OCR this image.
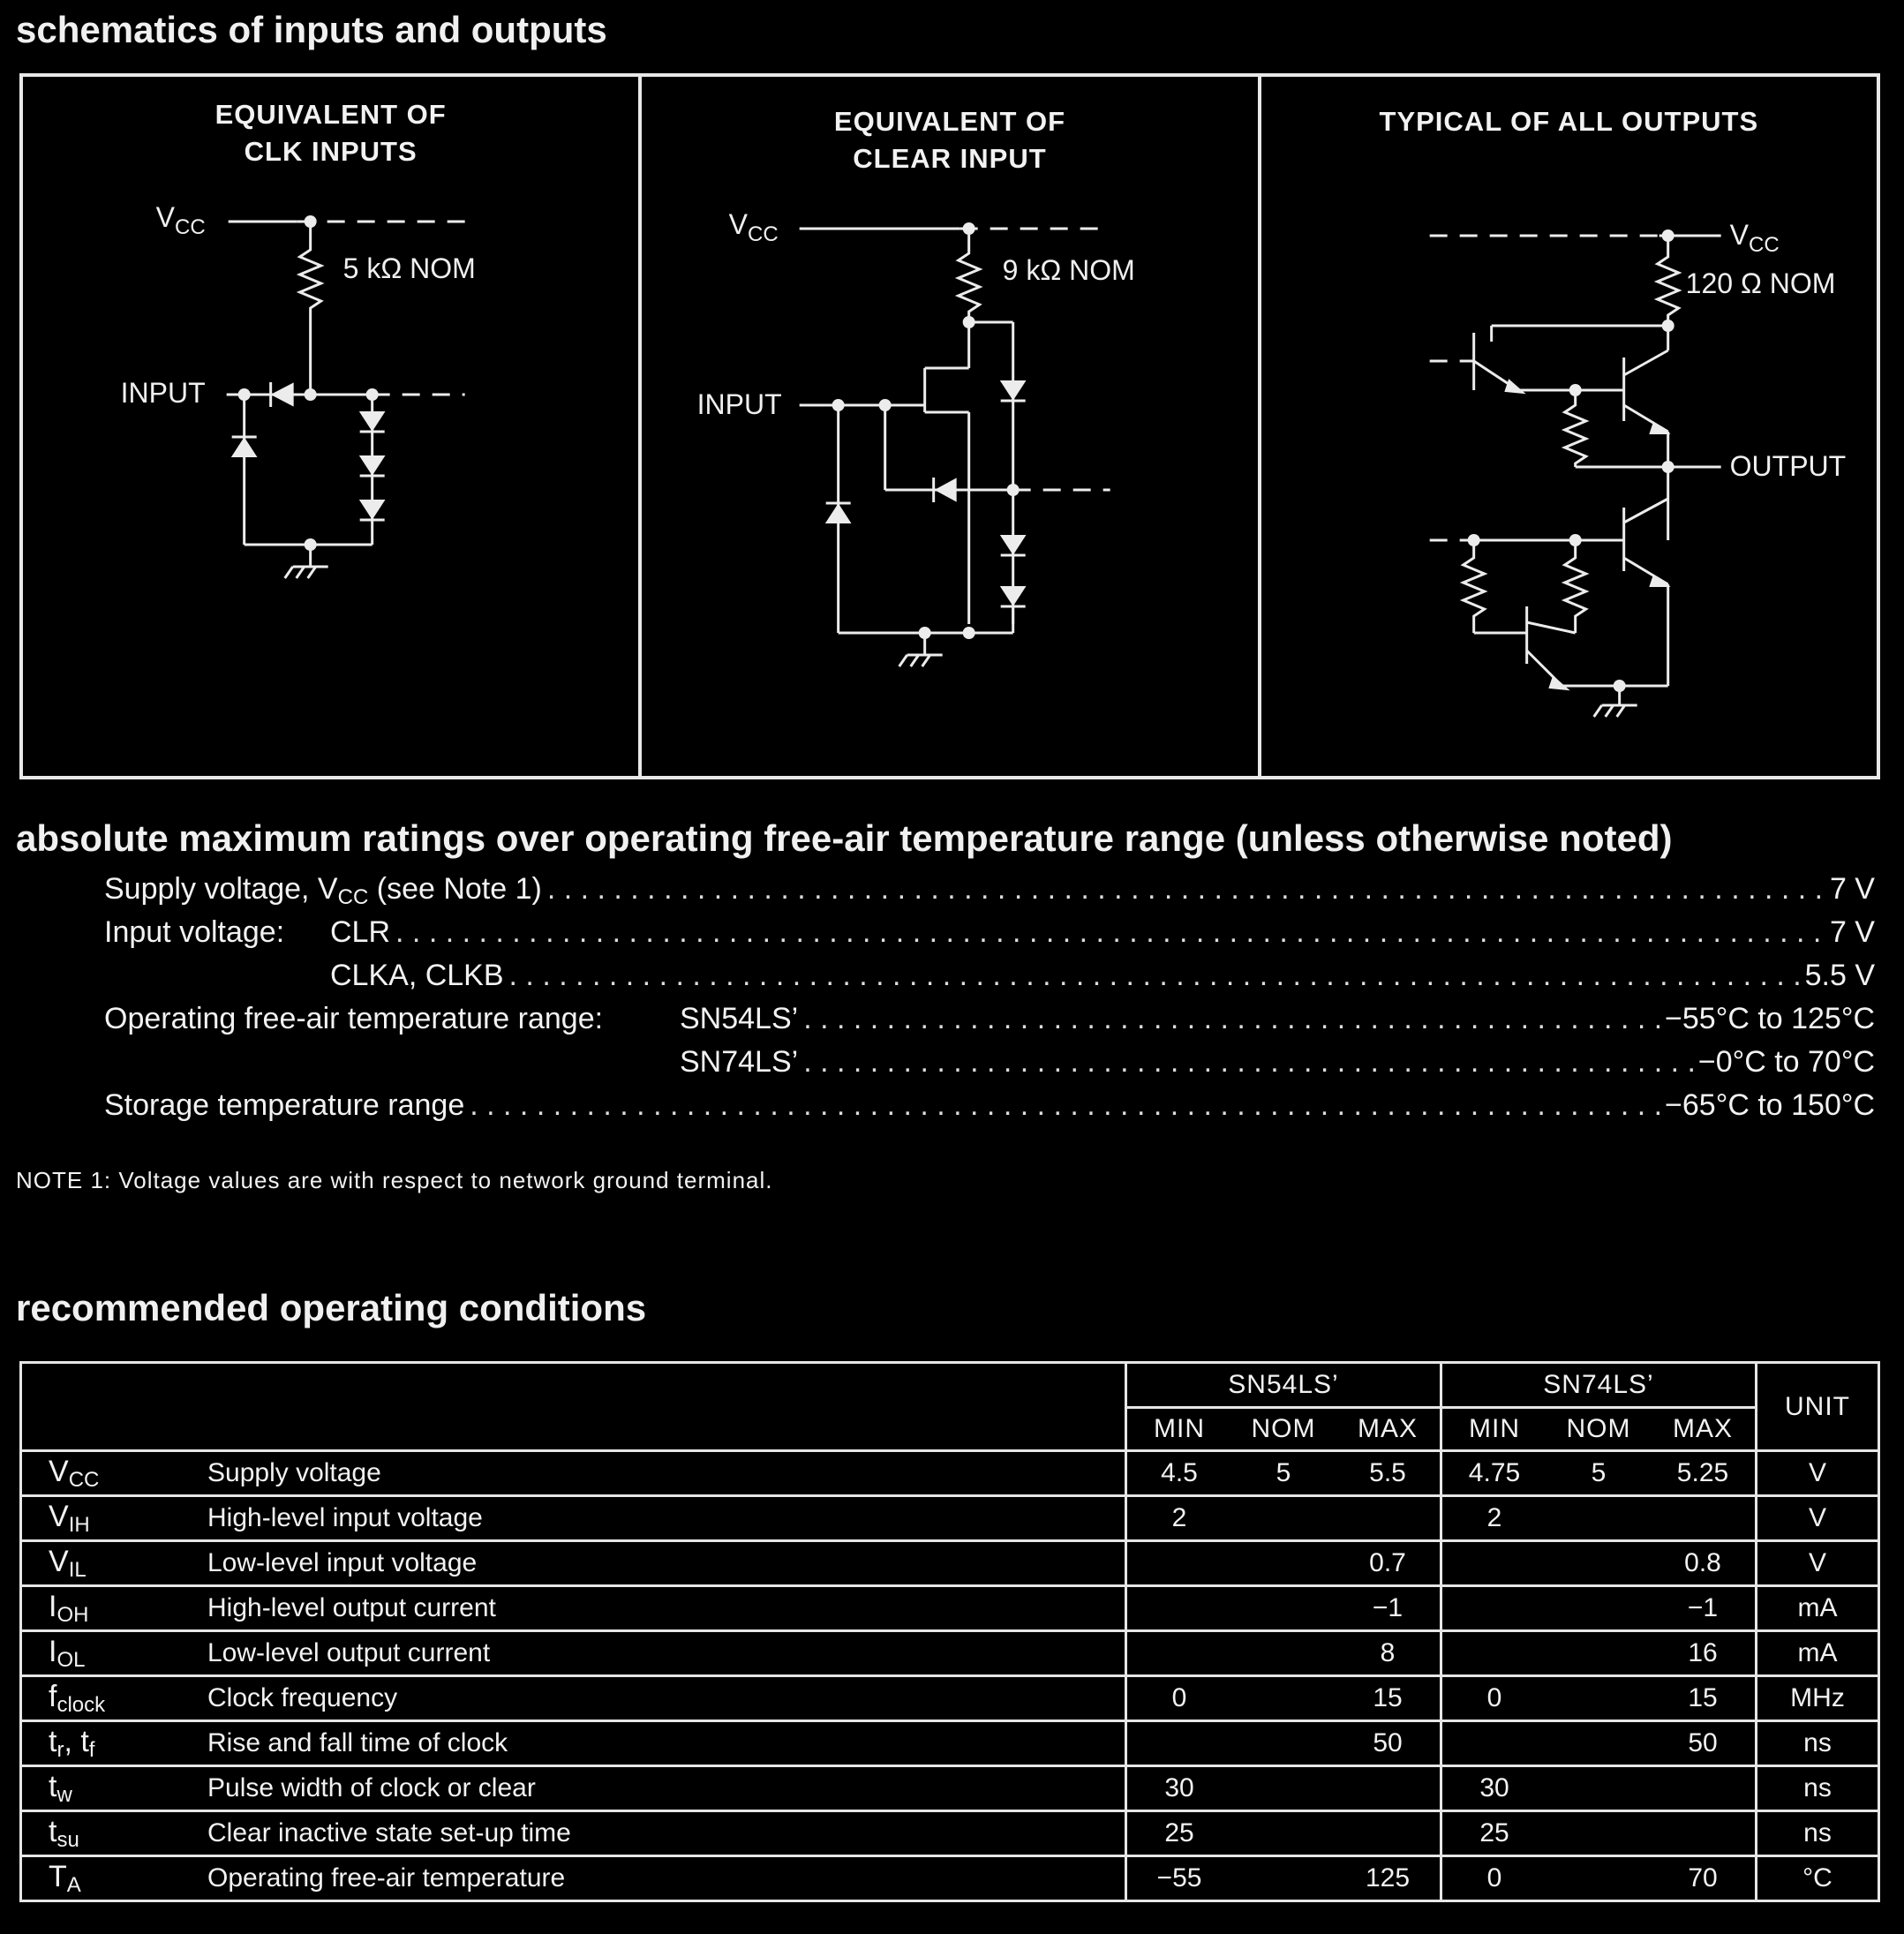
schematics of inputs and outputs
EQUIVALENT OF
CLK INPUTS
$V_{CC}$
5 kΩ NOM
INPUT
EQUIVALENT OF
CLEAR INPUT
$V_{CC}$
9 kΩ NOM
INPUT
TYPICAL OF ALL OUTPUTS
$V_{CC}$
120 Ω NOM
OUTPUT
absolute maximum ratings over operating free-air temperature range (unless otherwise noted)
Supply voltage, $V_{CC}$ (see Note 1) . . .	7 V
Input voltage:	CLR . . .	7 V
CLKA, CLKB . . .	5.5 V
Operating free-air temperature range:	SN54LS’ . . .	−55°C to 125°C
SN74LS’ . . .	−0°C to 70°C
Storage temperature range . . .	−65°C to 150°C
NOTE 1: Voltage values are with respect to network ground terminal.
recommended operating conditions
		SN54LS’			SN74LS’			UNIT
		MIN	NOM	MAX	MIN	NOM	MAX	
$V_{CC}$	Supply voltage	4.5	5	5.5	4.75	5	5.25	V
$V_{IH}$	High-level input voltage	2			2			V
$V_{IL}$	Low-level input voltage			0.7			0.8	V
$I_{OH}$	High-level output current			−1			−1	mA
$I_{OL}$	Low-level output current			8			16	mA
$f_{clock}$	Clock frequency	0		15	0		15	MHz
$t_r$, $t_f$	Rise and fall time of clock			50			50	ns
$t_w$	Pulse width of clock or clear	30			30			ns
$t_{su}$	Clear inactive state set-up time	25			25			ns
$T_A$	Operating free-air temperature	−55		125	0		70	°C
